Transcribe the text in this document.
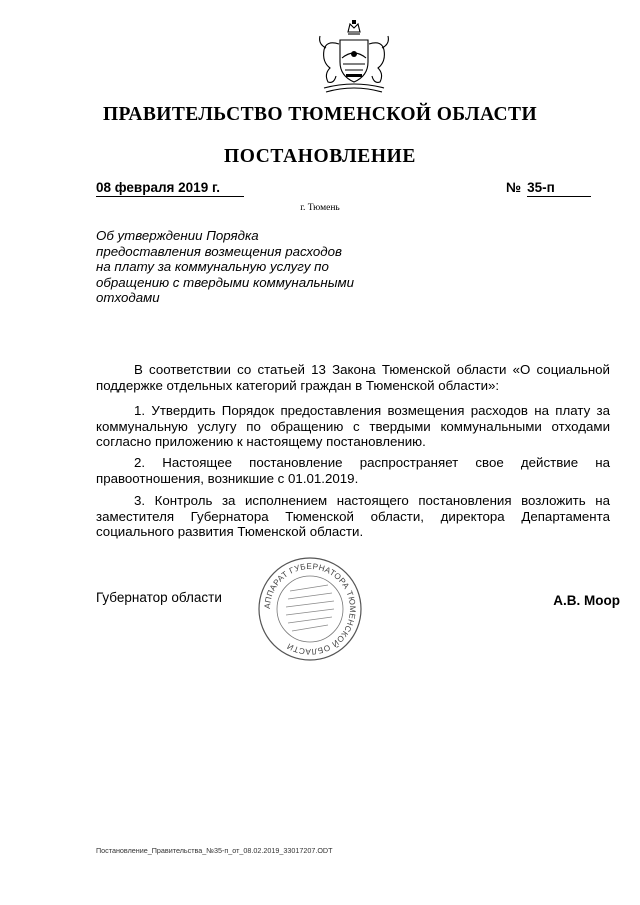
ПРАВИТЕЛЬСТВО ТЮМЕНСКОЙ ОБЛАСТИ
ПОСТАНОВЛЕНИЕ
08 февраля 2019 г.	№ 35-п
г. Тюмень
Об утверждении Порядка предоставления возмещения расходов на плату за коммунальную услугу по обращению с твердыми коммунальными отходами

В соответствии со статьей 13 Закона Тюменской области «О социальной поддержке отдельных категорий граждан в Тюменской области»:

1. Утвердить Порядок предоставления возмещения расходов на плату за коммунальную услугу по обращению с твердыми коммунальными отходами согласно приложению к настоящему постановлению.

2. Настоящее постановление распространяет свое действие на правоотношения, возникшие с 01.01.2019.

3. Контроль за исполнением настоящего постановления возложить на заместителя Губернатора Тюменской области, директора Департамента социального развития Тюменской области.

Губернатор области
АППАРАТ ГУБЕРНАТОРА ТЮМЕНСКОЙ ОБЛАСТИ
А.В. Моор
Постановление_Правительства_№35-п_от_08.02.2019_33017207.ODT
